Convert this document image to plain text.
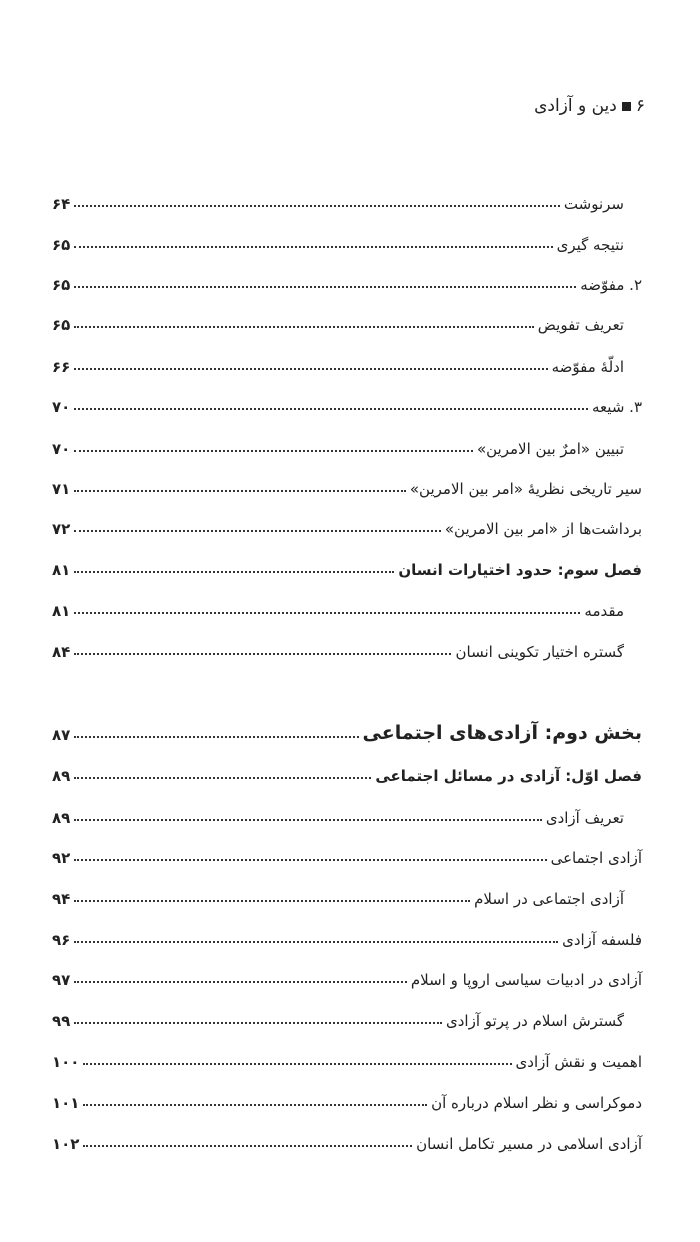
۶
دین و آزادی
سرنوشت
۶۴
نتیجه گیری
۶۵
۲. مفوّضه
۶۵
تعریف تفویض
۶۵
ادلّهٔ مفوّضه
۶۶
۳. شیعه
۷۰
تبیین «امرٌ بین الامرین»
۷۰
سیر تاریخی نظریهٔ «امر بین الامرین»
۷۱
برداشت‌ها از «امر بین الامرین»
۷۲
فصل سوم: حدود اختیارات انسان
۸۱
مقدمه
۸۱
گستره اختیار تکوینی انسان
۸۴
بخش دوم: آزادی‌های اجتماعی
۸۷
فصل اوّل: آزادی در مسائل اجتماعی
۸۹
تعریف آزادی
۸۹
آزادی اجتماعی
۹۲
آزادی اجتماعی در اسلام
۹۴
فلسفه آزادی
۹۶
آزادی در ادبیات سیاسی اروپا و اسلام
۹۷
گسترش اسلام در پرتو آزادی
۹۹
اهمیت و نقش آزادی
۱۰۰
دموکراسی و نظر اسلام درباره آن
۱۰۱
آزادی اسلامی در مسیر تکامل انسان
۱۰۲
